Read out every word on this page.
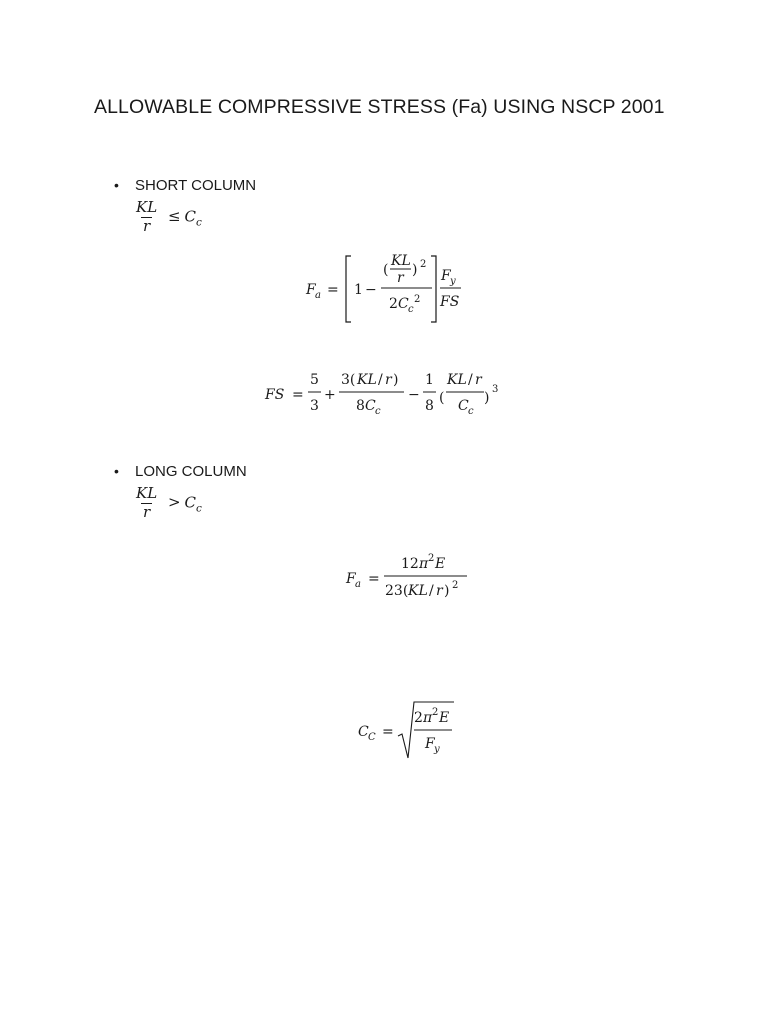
ALLOWABLE COMPRESSIVE STRESS (Fa) USING NSCP 2001
• SHORT COLUMN
$\frac{KL}{r} \le C_c$
F a = 1 −
(
KL
r ) 2
2 C c
2
F y
FS
FS =
5
3
+
3( KL / r )
8 C c
−
1
8 (
KL / r
C c
)
3
• LONG COLUMN
$\frac{KL}{r} > C_c$
F a =
12 π 2 E
23( KL / r ) 2
C C =
2 π 2 E
F y
